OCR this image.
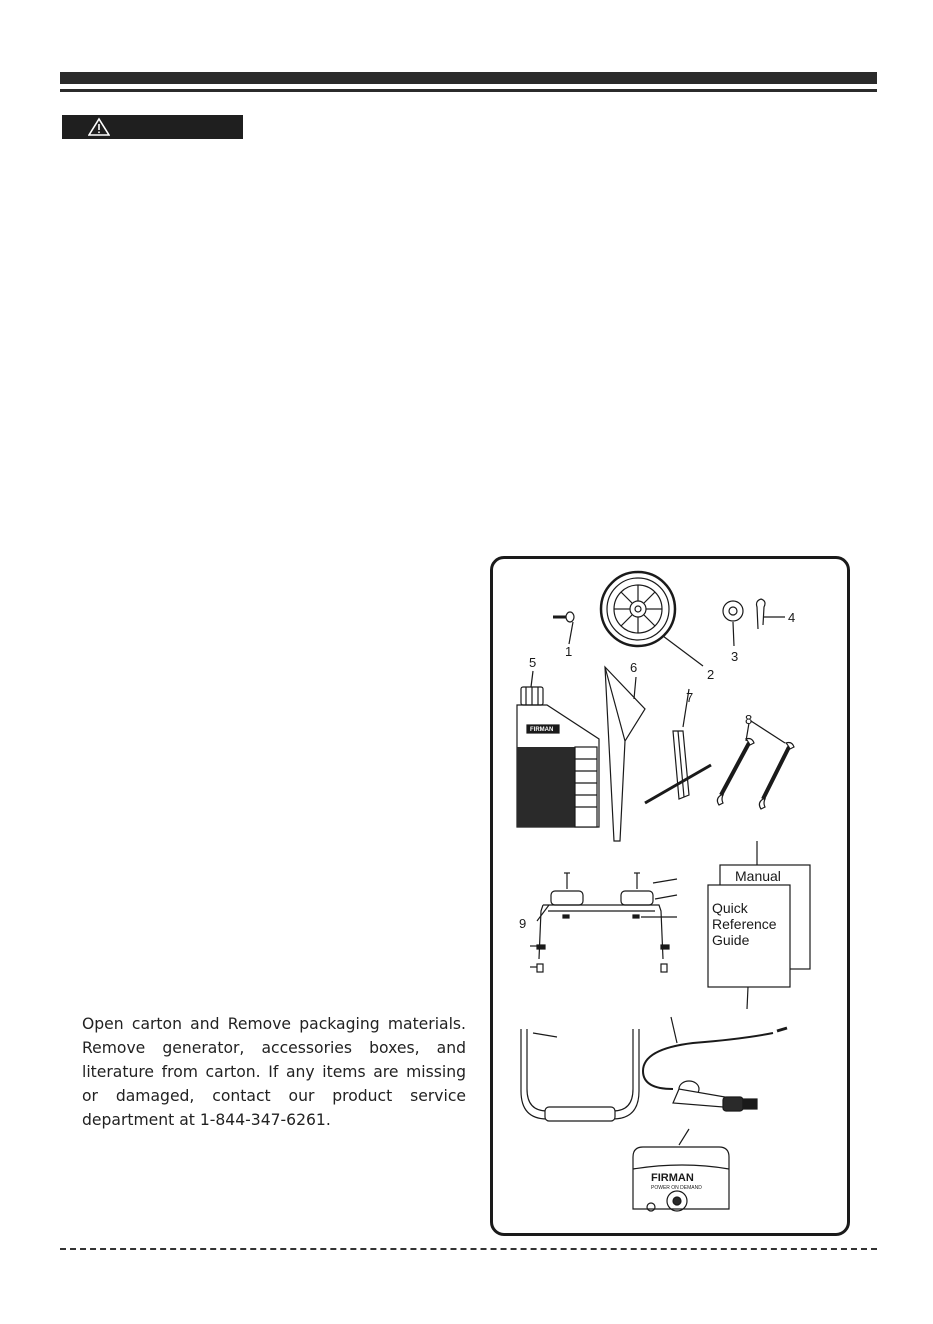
Open carton and Remove packaging materials. Remove generator, accessories boxes, and literature from carton. If any items are missing or damaged, contact our product service department at 1-844-347-6261.
1
2
3
4
5	6
7
8
9
Manual
Quick
Reference
Guide
FIRMAN
FIRMAN
POWER ON DEMAND
